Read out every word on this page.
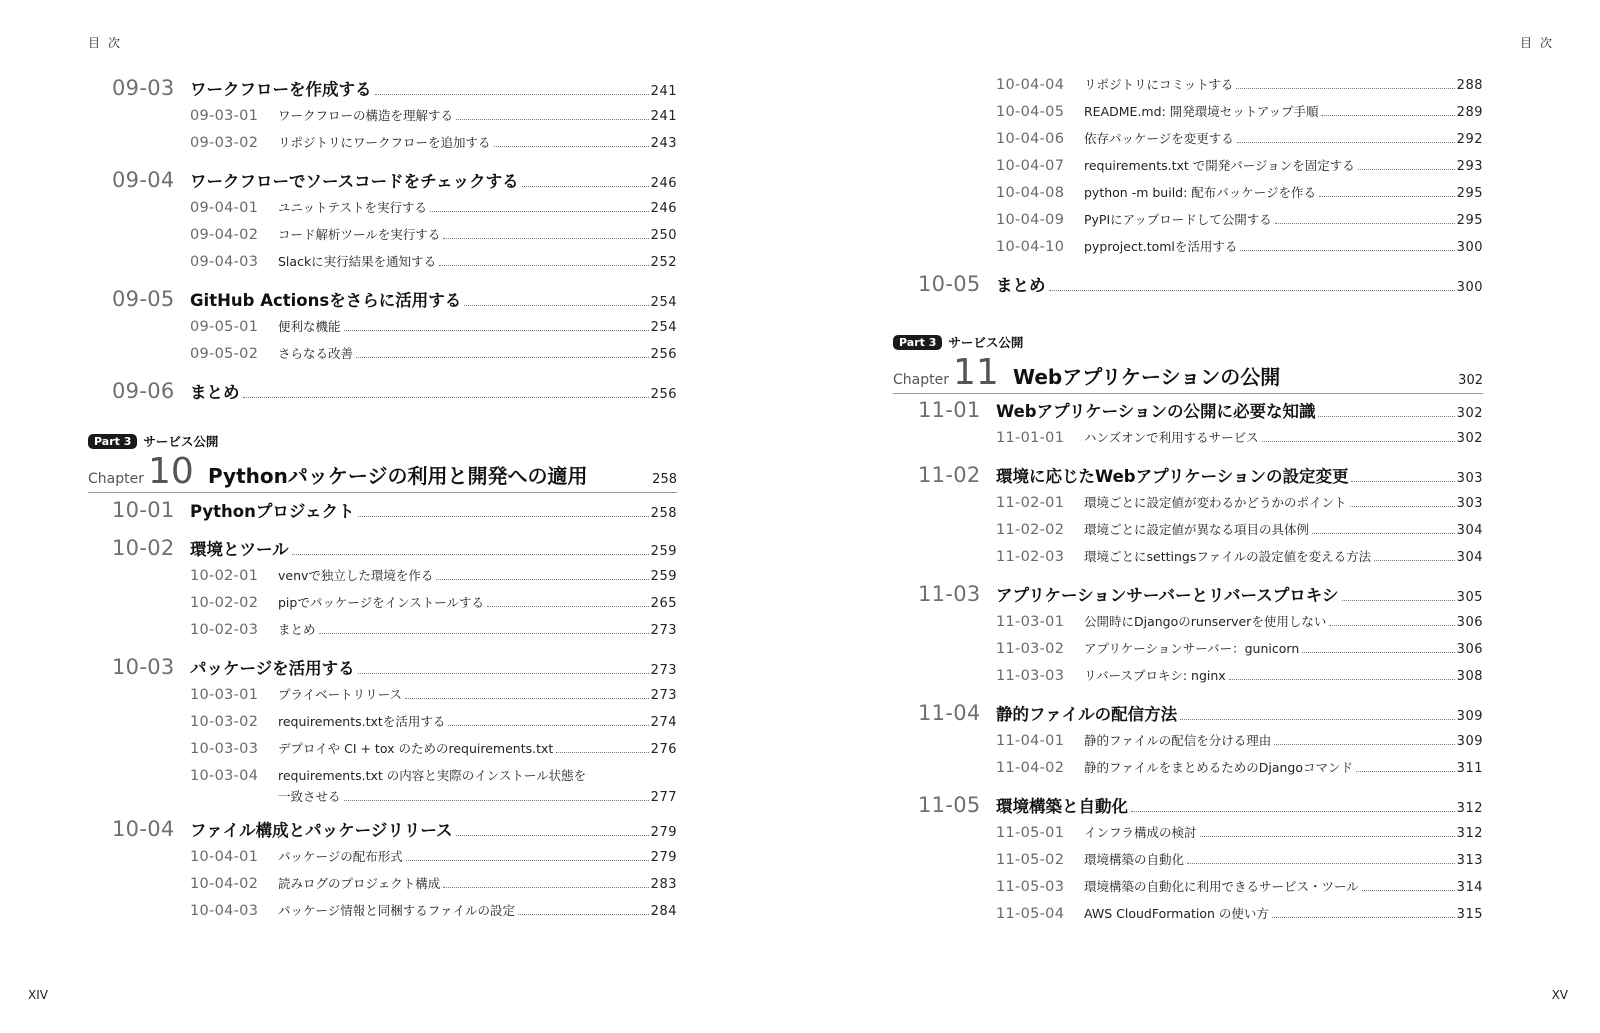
目次
09-03 ワークフローを作成する	241
09-03-01	ワークフローの構造を理解する	241
09-03-02	リポジトリにワークフローを追加する	243
09-04 ワークフローでソースコードをチェックする	246
09-04-01	ユニットテストを実行する	246
09-04-02	コード解析ツールを実行する	250
09-04-03	Slackに実行結果を通知する	252
09-05 GitHub Actionsをさらに活用する	254
09-05-01	便利な機能	254
09-05-02	さらなる改善	256
09-06 まとめ	256
Part 3 サービス公開
Chapter 10 Pythonパッケージの利用と開発への適用	258
10-01 Pythonプロジェクト	258
10-02 環境とツール	259
10-02-01	venvで独立した環境を作る	259
10-02-02	pipでパッケージをインストールする	265
10-02-03	まとめ	273
10-03 パッケージを活用する	273
10-03-01	プライベートリリース	273
10-03-02	requirements.txtを活用する	274
10-03-03	デプロイや CI + tox のためのrequirements.txt	276
10-03-04	requirements.txt の内容と実際のインストール状態を
一致させる	277
10-04 ファイル構成とパッケージリリース	279
10-04-01	パッケージの配布形式	279
10-04-02	読みログのプロジェクト構成	283
10-04-03	パッケージ情報と同梱するファイルの設定	284
XIV
目次
10-04-04	リポジトリにコミットする	288
10-04-05	README.md: 開発環境セットアップ手順	289
10-04-06	依存パッケージを変更する	292
10-04-07	requirements.txt で開発バージョンを固定する	293
10-04-08	python -m build: 配布パッケージを作る	295
10-04-09	PyPIにアップロードして公開する	295
10-04-10	pyproject.tomlを活用する	300
10-05 まとめ	300
Part 3 サービス公開
Chapter 11 Webアプリケーションの公開	302
11-01 Webアプリケーションの公開に必要な知識	302
11-01-01	ハンズオンで利用するサービス	302
11-02 環境に応じたWebアプリケーションの設定変更	303
11-02-01	環境ごとに設定値が変わるかどうかのポイント	303
11-02-02	環境ごとに設定値が異なる項目の具体例	304
11-02-03	環境ごとにsettingsファイルの設定値を変える方法	304
11-03 アプリケーションサーバーとリバースプロキシ	305
11-03-01	公開時にDjangoのrunserverを使用しない	306
11-03-02	アプリケーションサーバー：gunicorn	306
11-03-03	リバースプロキシ: nginx	308
11-04 静的ファイルの配信方法	309
11-04-01	静的ファイルの配信を分ける理由	309
11-04-02	静的ファイルをまとめるためのDjangoコマンド	311
11-05 環境構築と自動化	312
11-05-01	インフラ構成の検討	312
11-05-02	環境構築の自動化	313
11-05-03	環境構築の自動化に利用できるサービス・ツール	314
11-05-04	AWS CloudFormation の使い方	315
XV
